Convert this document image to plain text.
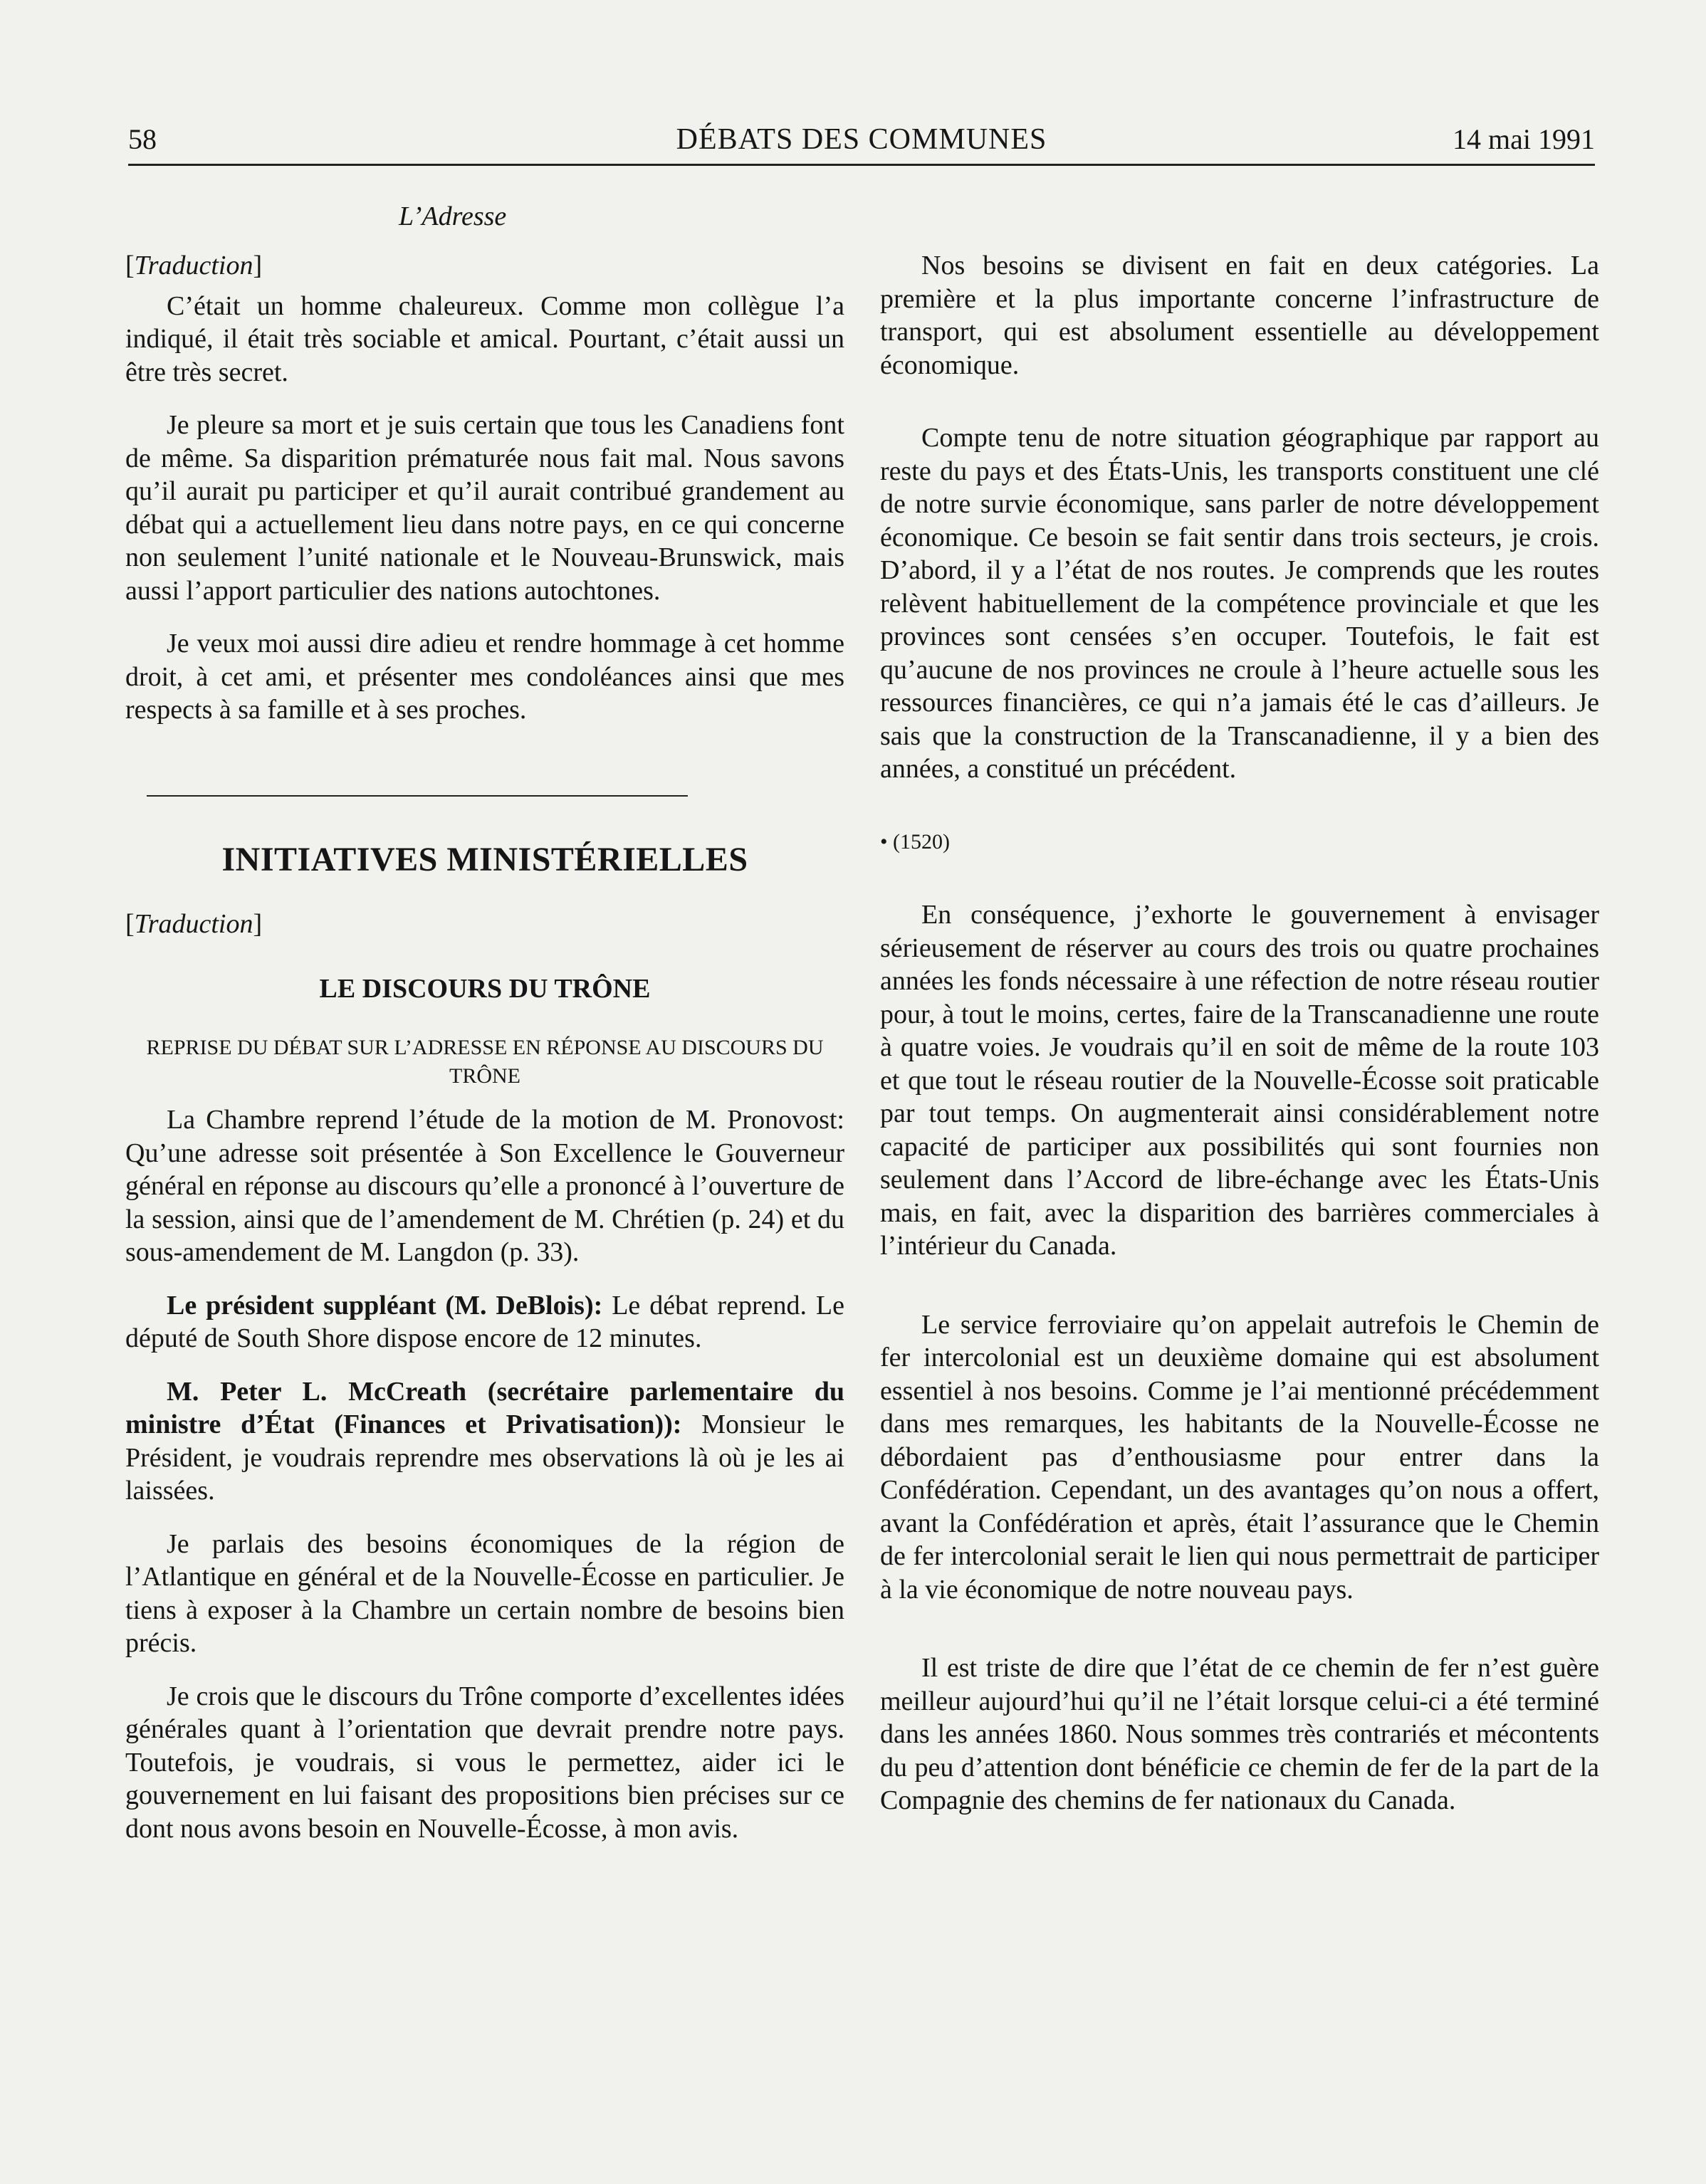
58	DÉBATS DES COMMUNES	14 mai 1991
L’Adresse

[Traduction]

C’était un homme chaleureux. Comme mon collègue l’a indiqué, il était très sociable et amical. Pourtant, c’était aussi un être très secret.

Je pleure sa mort et je suis certain que tous les Canadiens font de même. Sa disparition prématurée nous fait mal. Nous savons qu’il aurait pu participer et qu’il aurait contribué grandement au débat qui a actuellement lieu dans notre pays, en ce qui concerne non seulement l’unité nationale et le Nouveau-Brunswick, mais aussi l’apport particulier des nations autochtones.

Je veux moi aussi dire adieu et rendre hommage à cet homme droit, à cet ami, et présenter mes condoléances ainsi que mes respects à sa famille et à ses proches.

INITIATIVES MINISTÉRIELLES

[Traduction]

LE DISCOURS DU TRÔNE
REPRISE DU DÉBAT SUR L’ADRESSE EN RÉPONSE AU DISCOURS DU TRÔNE

La Chambre reprend l’étude de la motion de M. Pronovost: Qu’une adresse soit présentée à Son Excellence le Gouverneur général en réponse au discours qu’elle a prononcé à l’ouverture de la session, ainsi que de l’amendement de M. Chrétien (p. 24) et du sous-amendement de M. Langdon (p. 33).

Le président suppléant (M. DeBlois): Le débat reprend. Le député de South Shore dispose encore de 12 minutes.

M. Peter L. McCreath (secrétaire parlementaire du ministre d’État (Finances et Privatisation)): Monsieur le Président, je voudrais reprendre mes observations là où je les ai laissées.

Je parlais des besoins économiques de la région de l’Atlantique en général et de la Nouvelle-Écosse en particulier. Je tiens à exposer à la Chambre un certain nombre de besoins bien précis.

Je crois que le discours du Trône comporte d’excellentes idées générales quant à l’orientation que devrait prendre notre pays. Toutefois, je voudrais, si vous le permettez, aider ici le gouvernement en lui faisant des propositions bien précises sur ce dont nous avons besoin en Nouvelle-Écosse, à mon avis.

Nos besoins se divisent en fait en deux catégories. La première et la plus importante concerne l’infrastructure de transport, qui est absolument essentielle au développement économique.

Compte tenu de notre situation géographique par rapport au reste du pays et des États-Unis, les transports constituent une clé de notre survie économique, sans parler de notre développement économique. Ce besoin se fait sentir dans trois secteurs, je crois. D’abord, il y a l’état de nos routes. Je comprends que les routes relèvent habituellement de la compétence provinciale et que les provinces sont censées s’en occuper. Toutefois, le fait est qu’aucune de nos provinces ne croule à l’heure actuelle sous les ressources financières, ce qui n’a jamais été le cas d’ailleurs. Je sais que la construction de la Transcanadienne, il y a bien des années, a constitué un précédent.

• (1520)

En conséquence, j’exhorte le gouvernement à envisager sérieusement de réserver au cours des trois ou quatre prochaines années les fonds nécessaire à une réfection de notre réseau routier pour, à tout le moins, certes, faire de la Transcanadienne une route à quatre voies. Je voudrais qu’il en soit de même de la route 103 et que tout le réseau routier de la Nouvelle-Écosse soit praticable par tout temps. On augmenterait ainsi considérablement notre capacité de participer aux possibilités qui sont fournies non seulement dans l’Accord de libre-échange avec les États-Unis mais, en fait, avec la disparition des barrières commerciales à l’intérieur du Canada.

Le service ferroviaire qu’on appelait autrefois le Chemin de fer intercolonial est un deuxième domaine qui est absolument essentiel à nos besoins. Comme je l’ai mentionné précédemment dans mes remarques, les habitants de la Nouvelle-Écosse ne débordaient pas d’enthousiasme pour entrer dans la Confédération. Cependant, un des avantages qu’on nous a offert, avant la Confédération et après, était l’assurance que le Chemin de fer intercolonial serait le lien qui nous permettrait de participer à la vie économique de notre nouveau pays.

Il est triste de dire que l’état de ce chemin de fer n’est guère meilleur aujourd’hui qu’il ne l’était lorsque celui-ci a été terminé dans les années 1860. Nous sommes très contrariés et mécontents du peu d’attention dont bénéficie ce chemin de fer de la part de la Compagnie des chemins de fer nationaux du Canada.
